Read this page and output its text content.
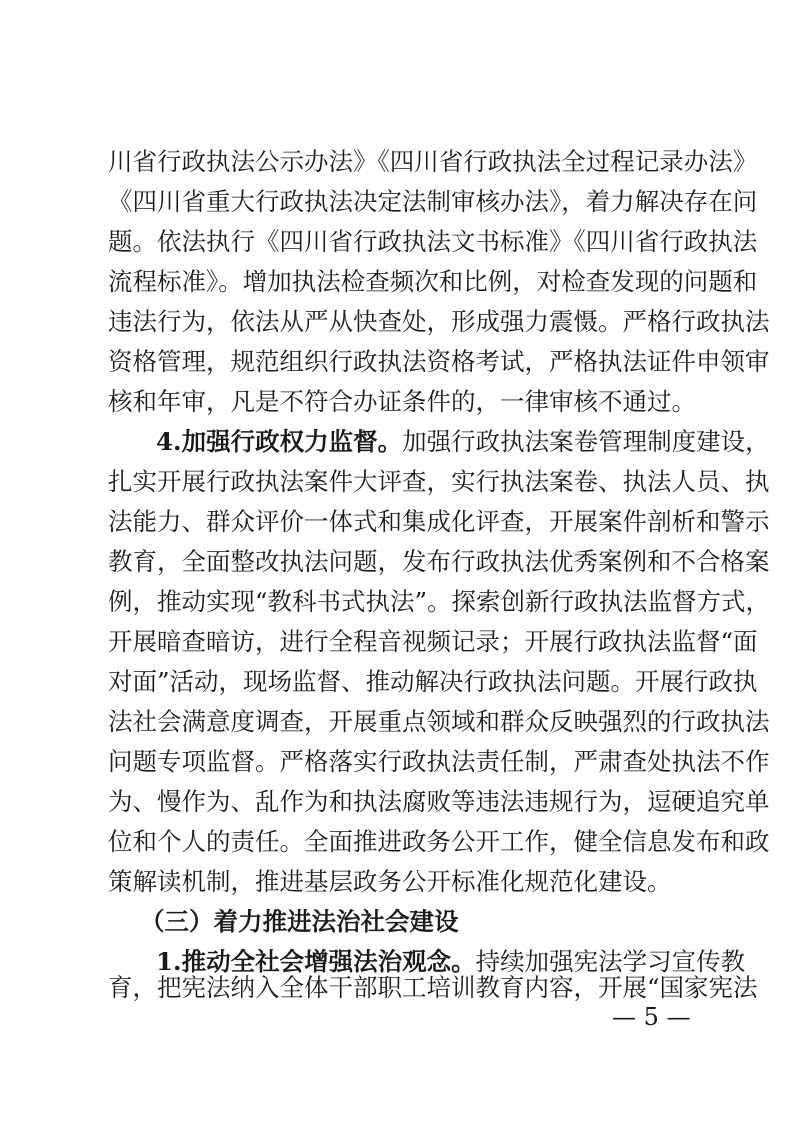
川省行政执法公示办法》《四川省行政执法全过程记录办法》
《四川省重大行政执法决定法制审核办法》，着力解决存在问
题。依法执行《四川省行政执法文书标准》《四川省行政执法
流程标准》。增加执法检查频次和比例，对检查发现的问题和
违法行为，依法从严从快查处，形成强力震慑。严格行政执法
资格管理，规范组织行政执法资格考试，严格执法证件申领审
核和年审，凡是不符合办证条件的，一律审核不通过。
4.加强行政权力监督。加强行政执法案卷管理制度建设，
扎实开展行政执法案件大评查，实行执法案卷、执法人员、执
法能力、群众评价一体式和集成化评查，开展案件剖析和警示
教育，全面整改执法问题，发布行政执法优秀案例和不合格案
例，推动实现“教科书式执法”。探索创新行政执法监督方式，
开展暗查暗访，进行全程音视频记录；开展行政执法监督“面
对面”活动，现场监督、推动解决行政执法问题。开展行政执
法社会满意度调查，开展重点领域和群众反映强烈的行政执法
问题专项监督。严格落实行政执法责任制，严肃查处执法不作
为、慢作为、乱作为和执法腐败等违法违规行为，逗硬追究单
位和个人的责任。全面推进政务公开工作，健全信息发布和政
策解读机制，推进基层政务公开标准化规范化建设。
（三）着力推进法治社会建设
1.推动全社会增强法治观念。持续加强宪法学习宣传教
育，把宪法纳入全体干部职工培训教育内容，开展“国家宪法
— 5 —
